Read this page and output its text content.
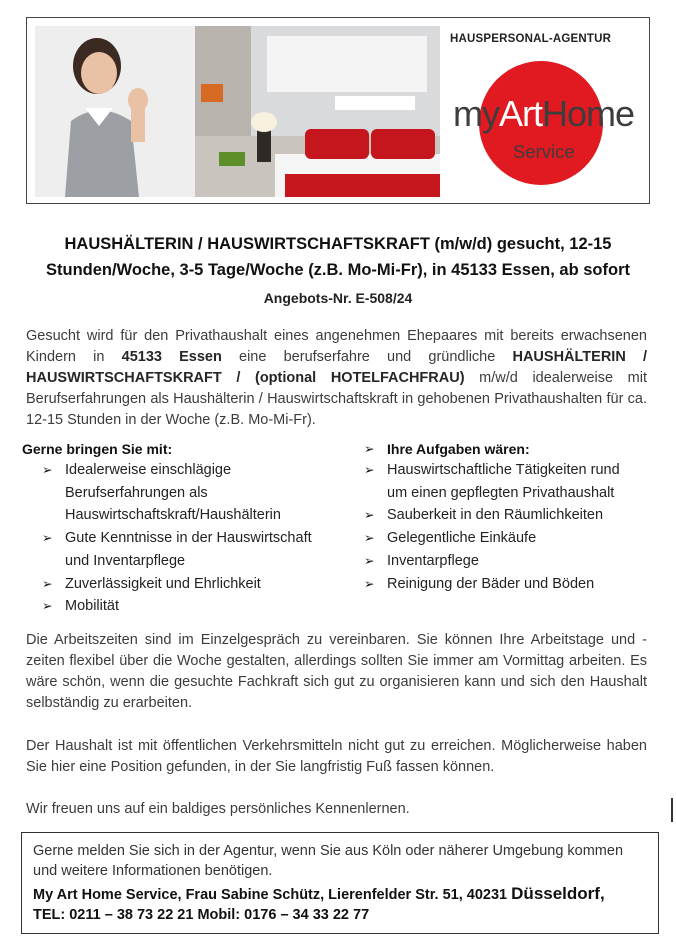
HAUSPERSONAL-AGENTUR
myArtHome
Service
HAUSHÄLTERIN / HAUSWIRTSCHAFTSKRAFT (m/w/d) gesucht, 12-15
Stunden/Woche, 3-5 Tage/Woche (z.B. Mo-Mi-Fr), in 45133 Essen, ab sofort
Angebots-Nr. E-508/24
Gesucht wird für den Privathaushalt eines angenehmen Ehepaares mit bereits erwachsenen Kindern in 45133 Essen eine berufserfahre und gründliche HAUSHÄLTERIN / HAUSWIRTSCHAFTSKRAFT / (optional HOTELFACHFRAU) m/w/d idealerweise mit Berufserfahrungen als Haushälterin / Hauswirtschaftskraft in gehobenen Privathaushalten für ca. 12-15 Stunden in der Woche (z.B. Mo-Mi-Fr).
Gerne bringen Sie mit:
➢ Idealerweise einschlägige Berufserfahrungen als Hauswirtschaftskraft/Haushälterin
➢ Gute Kenntnisse in der Hauswirtschaft und Inventarpflege
➢ Zuverlässigkeit und Ehrlichkeit
➢ Mobilität
➢ Ihre Aufgaben wären:
➢ Hauswirtschaftliche Tätigkeiten rund um einen gepflegten Privathaushalt
➢ Sauberkeit in den Räumlichkeiten
➢ Gelegentliche Einkäufe
➢ Inventarpflege
➢ Reinigung der Bäder und Böden
Die Arbeitszeiten sind im Einzelgespräch zu vereinbaren. Sie können Ihre Arbeitstage und -zeiten flexibel über die Woche gestalten, allerdings sollten Sie immer am Vormittag arbeiten. Es wäre schön, wenn die gesuchte Fachkraft sich gut zu organisieren kann und sich den Haushalt selbständig zu erarbeiten.
Der Haushalt ist mit öffentlichen Verkehrsmitteln nicht gut zu erreichen. Möglicherweise haben Sie hier eine Position gefunden, in der Sie langfristig Fuß fassen können.
Wir freuen uns auf ein baldiges persönliches Kennenlernen.
Gerne melden Sie sich in der Agentur, wenn Sie aus Köln oder näherer Umgebung kommen und weitere Informationen benötigen.
My Art Home Service, Frau Sabine Schütz, Lierenfelder Str. 51, 40231 Düsseldorf,
TEL: 0211 – 38 73 22 21 Mobil: 0176 – 34 33 22 77
